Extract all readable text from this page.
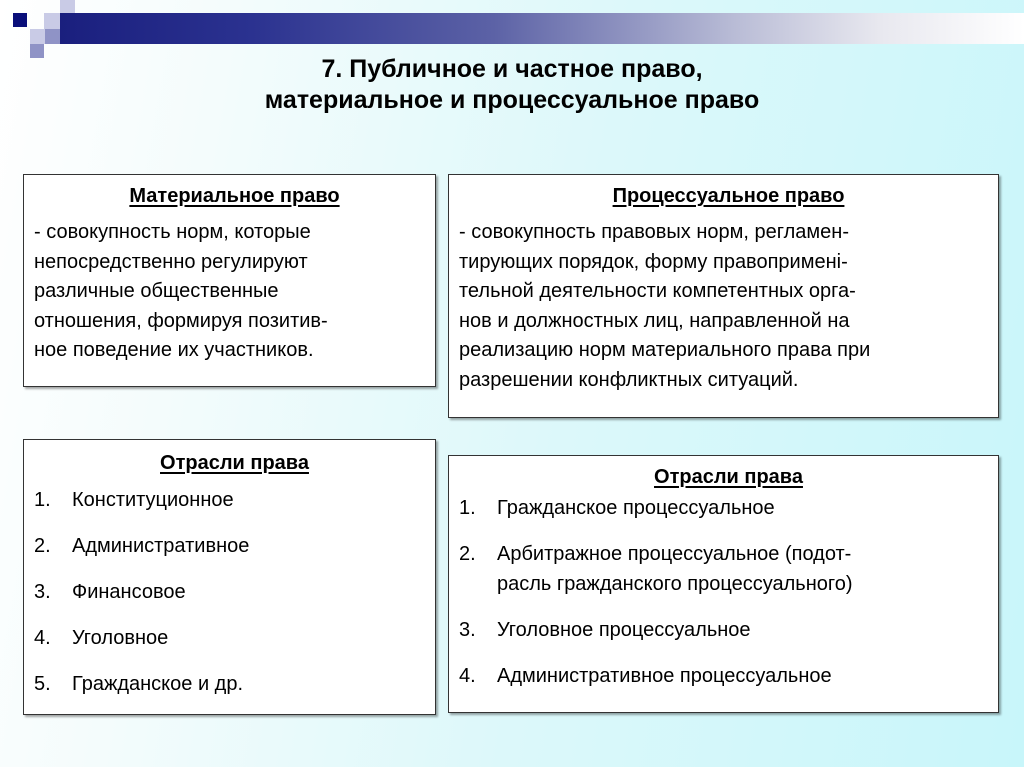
7. Публичное и частное право,
материальное и процессуальное право
Материальное право
- совокупность норм, которые
непосредственно регулируют
различные общественные
отношения, формируя позитив-
ное поведение их участников.
Процессуальное право
- совокупность правовых норм, регламен-
тирующих порядок, форму правоприменi-
тельной деятельности компетентных орга-
нов и должностных лиц, направленной на
реализацию норм материального права при
разрешении конфликтных ситуаций.
Отрасли права
1.	Конституционное
2.	Административное
3.	Финансовое
4.	Уголовное
5.	Гражданское и др.
Отрасли права
1.	Гражданское процессуальное
2.	Арбитражное процессуальное (подот-
расль гражданского процессуального)
3.	Уголовное процессуальное
4.	Административное процессуальное
